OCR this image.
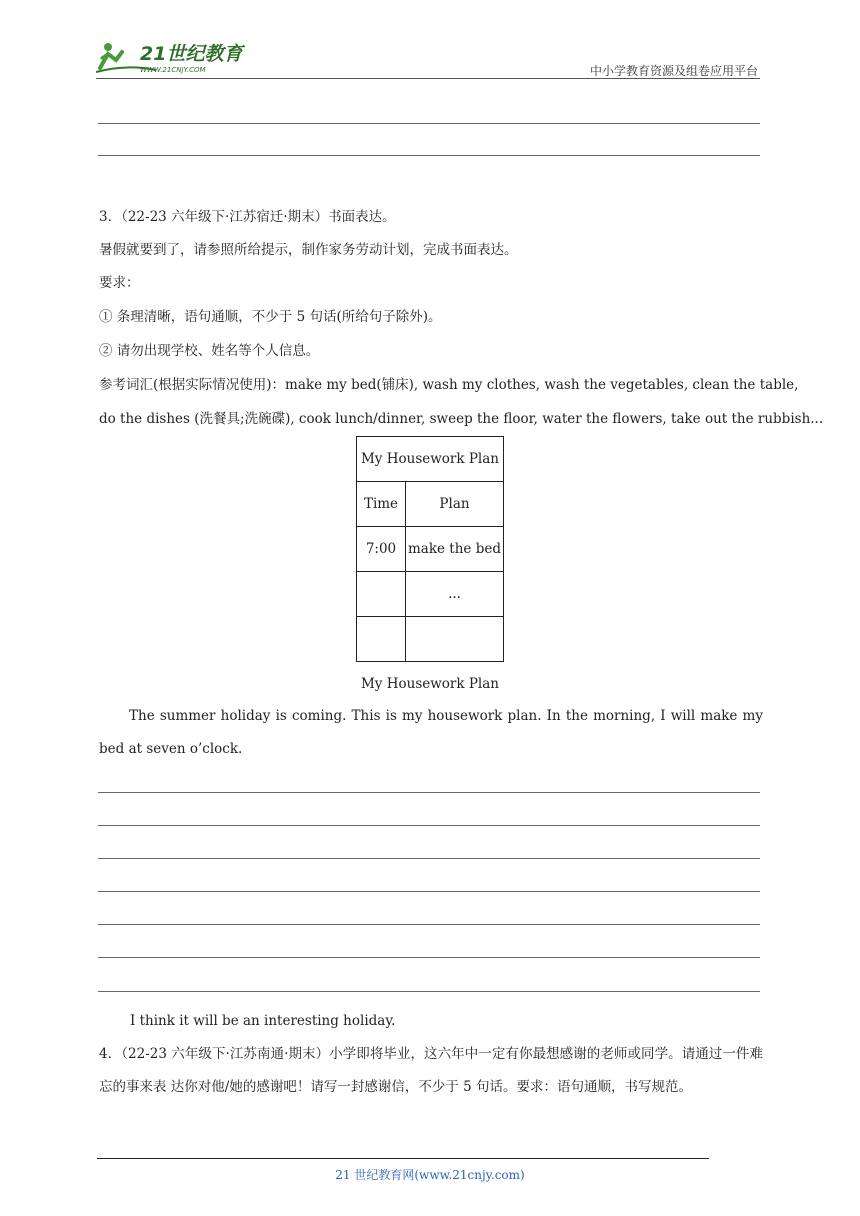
21世纪教育
WWW.21CNJY.COM	中小学教育资源及组卷应用平台
3．（22-23 六年级下·江苏宿迁·期末）书面表达。
暑假就要到了，请参照所给提示，制作家务劳动计划，完成书面表达。
要求：
① 条理清晰，语句通顺，不少于 5 句话(所给句子除外)。
② 请勿出现学校、姓名等个人信息。
参考词汇(根据实际情况使用)：make my bed(铺床), wash my clothes, wash the vegetables, clean the table,
do the dishes (洗餐具;洗碗碟), cook lunch/dinner, sweep the floor, water the flowers, take out the rubbish...
My Housework Plan	
Time	Plan
7:00	make the bed
	...

My Housework Plan
The summer holiday is coming. This is my housework plan. In the morning, I will make my bed at seven o’clock.
I think it will be an interesting holiday.
4．（22-23 六年级下·江苏南通·期末）小学即将毕业，这六年中一定有你最想感谢的老师或同学。请通过一件难忘的事来表 达你对他/她的感谢吧！请写一封感谢信，不少于 5 句话。要求：语句通顺，书写规范。
21 世纪教育网(www.21cnjy.com)
